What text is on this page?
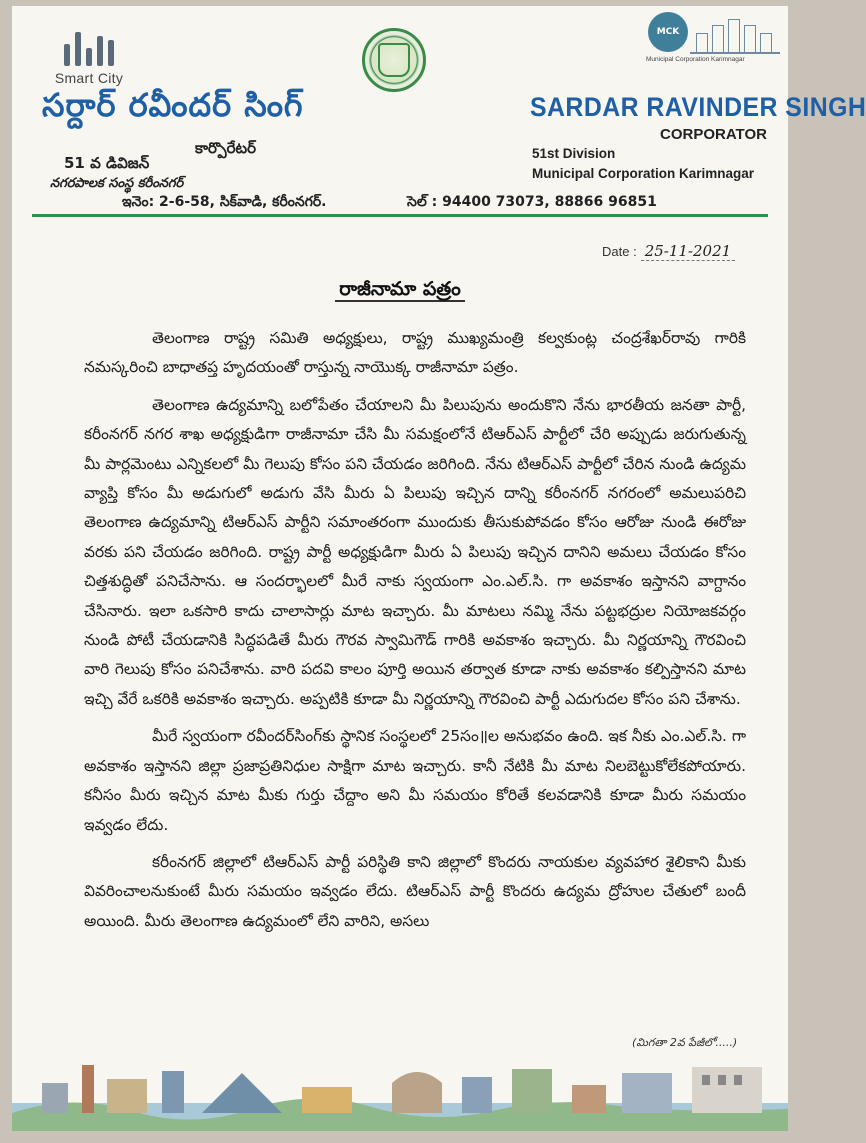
Smart City
MCK
Municipal Corporation Karimnagar
సర్దార్ రవీందర్ సింగ్
కార్పొరేటర్
51 వ డివిజన్
నగరపాలక సంస్థ కరీంనగర్
SARDAR RAVINDER SINGH
CORPORATOR
51st Division
Municipal Corporation Karimnagar
ఇనెం: 2-6-58, సిక్‌వాడి, కరీంనగర్.	సెల్ : 94400 73073, 88866 96851
Date : 25-11-2021
రాజీనామా పత్రం

తెలంగాణ రాష్ట్ర సమితి అధ్యక్షులు, రాష్ట్ర ముఖ్యమంత్రి కల్వకుంట్ల చంద్రశేఖర్‌రావు గారికి నమస్కరించి బాధాతప్త హృదయంతో రాస్తున్న నాయొక్క రాజీనామా పత్రం.

తెలంగాణ ఉద్యమాన్ని బలోపేతం చేయాలని మీ పిలుపును అందుకొని నేను భారతీయ జనతా పార్టీ, కరీంనగర్ నగర శాఖ అధ్యక్షుడిగా రాజీనామా చేసి మీ సమక్షంలోనే టిఆర్ఎస్ పార్టీలో చేరి అప్పుడు జరుగుతున్న మీ పార్లమెంటు ఎన్నికలలో మీ గెలుపు కోసం పని చేయడం జరిగింది. నేను టిఆర్ఎస్ పార్టీలో చేరిన నుండి ఉద్యమ వ్యాప్తి కోసం మీ అడుగులో అడుగు వేసి మీరు ఏ పిలుపు ఇచ్చిన దాన్ని కరీంనగర్ నగరంలో అమలుపరిచి తెలంగాణ ఉద్యమాన్ని టిఆర్ఎస్ పార్టీని సమాంతరంగా ముందుకు తీసుకుపోవడం కోసం ఆరోజు నుండి ఈరోజు వరకు పని చేయడం జరిగింది. రాష్ట్ర పార్టీ అధ్యక్షుడిగా మీరు ఏ పిలుపు ఇచ్చిన దానిని అమలు చేయడం కోసం చిత్తశుద్ధితో పనిచేసాను. ఆ సందర్భాలలో మీరే నాకు స్వయంగా ఎం.ఎల్.సి. గా అవకాశం ఇస్తానని వాగ్దానం చేసినారు. ఇలా ఒకసారి కాదు చాలాసార్లు మాట ఇచ్చారు. మీ మాటలు నమ్మి నేను పట్టభద్రుల నియోజకవర్గం నుండి పోటీ చేయడానికి సిద్ధపడితే మీరు గౌరవ స్వామిగౌడ్ గారికి అవకాశం ఇచ్చారు. మీ నిర్ణయాన్ని గౌరవించి వారి గెలుపు కోసం పనిచేశాను. వారి పదవి కాలం పూర్తి అయిన తర్వాత కూడా నాకు అవకాశం కల్పిస్తానని మాట ఇచ్చి వేరే ఒకరికి అవకాశం ఇచ్చారు. అప్పటికి కూడా మీ నిర్ణయాన్ని గౌరవించి పార్టీ ఎదుగుదల కోసం పని చేశాను.

మీరే స్వయంగా రవీందర్‌సింగ్‌కు స్థానిక సంస్థలలో 25సం॥ల అనుభవం ఉంది. ఇక నీకు ఎం.ఎల్.సి. గా అవకాశం ఇస్తానని జిల్లా ప్రజాప్రతినిధుల సాక్షిగా మాట ఇచ్చారు. కానీ నేటికి మీ మాట నిలబెట్టుకోలేకపోయారు. కనీసం మీరు ఇచ్చిన మాట మీకు గుర్తు చేద్దాం అని మీ సమయం కోరితే కలవడానికి కూడా మీరు సమయం ఇవ్వడం లేదు.

కరీంనగర్ జిల్లాలో టిఆర్ఎస్ పార్టీ పరిస్థితి కాని జిల్లాలో కొందరు నాయకుల వ్యవహార శైలికాని మీకు వివరించాలనుకుంటే మీరు సమయం ఇవ్వడం లేదు. టిఆర్ఎస్ పార్టీ కొందరు ఉద్యమ ద్రోహుల చేతులో బందీ అయింది. మీరు తెలంగాణ ఉద్యమంలో లేని వారిని, అసలు

(మిగతా 2వ పేజీలో.....)
